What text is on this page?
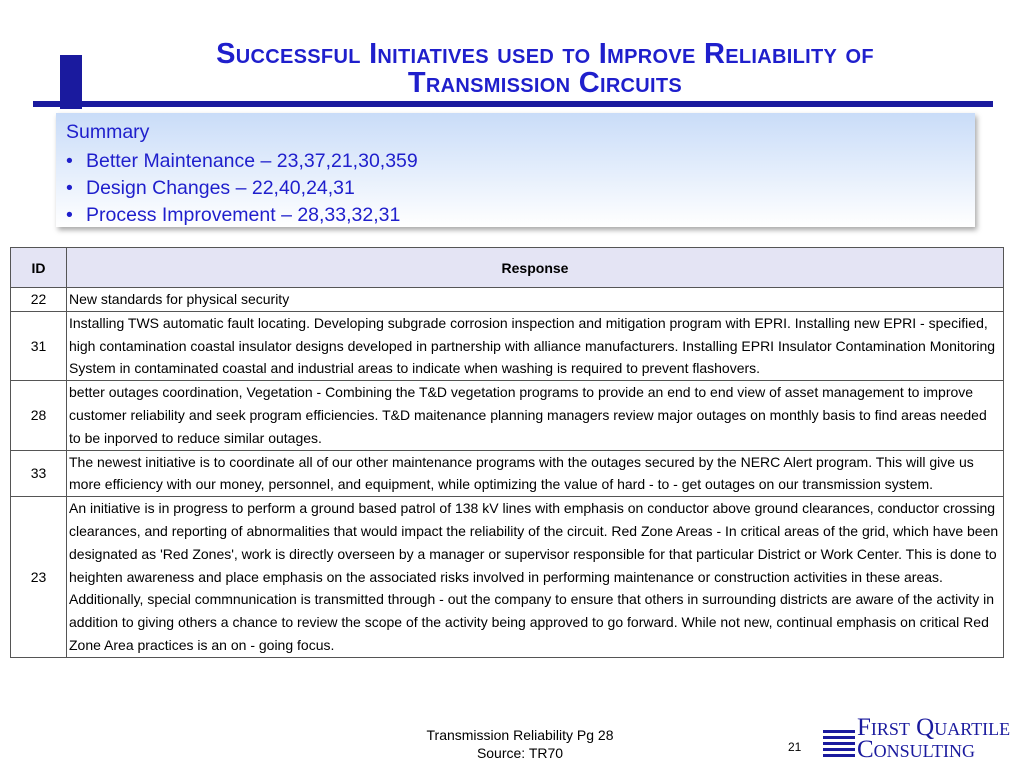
Successful Initiatives used to Improve Reliability of
Transmission Circuits
Summary
• Better Maintenance – 23,37,21,30,359
• Design Changes – 22,40,24,31
• Process Improvement – 28,33,32,31
ID	Response
22	New standards for physical security
31	Installing TWS automatic fault locating. Developing subgrade corrosion inspection and mitigation program with EPRI. Installing new EPRI - specified, high contamination coastal insulator designs developed in partnership with alliance manufacturers. Installing EPRI Insulator Contamination Monitoring System in contaminated coastal and industrial areas to indicate when washing is required to prevent flashovers.
28	better outages coordination, Vegetation - Combining the T&D vegetation programs to provide an end to end view of asset management to improve customer reliability and seek program efficiencies. T&D maitenance planning managers review major outages on monthly basis to find areas needed to be inporved to reduce similar outages.
33	The newest initiative is to coordinate all of our other maintenance programs with the outages secured by the NERC Alert program. This will give us more efficiency with our money, personnel, and equipment, while optimizing the value of hard - to - get outages on our transmission system.
23	An initiative is in progress to perform a ground based patrol of 138 kV lines with emphasis on conductor above ground clearances, conductor crossing clearances, and reporting of abnormalities that would impact the reliability of the circuit. Red Zone Areas - In critical areas of the grid, which have been designated as 'Red Zones', work is directly overseen by a manager or supervisor responsible for that particular District or Work Center. This is done to heighten awareness and place emphasis on the associated risks involved in performing maintenance or construction activities in these areas. Additionally, special commnunication is transmitted through - out the company to ensure that others in surrounding districts are aware of the activity in addition to giving others a chance to review the scope of the activity being approved to go forward. While not new, continual emphasis on critical Red Zone Area practices is an on - going focus.
Transmission Reliability Pg 28
Source: TR70	21
First Quartile
Consulting
